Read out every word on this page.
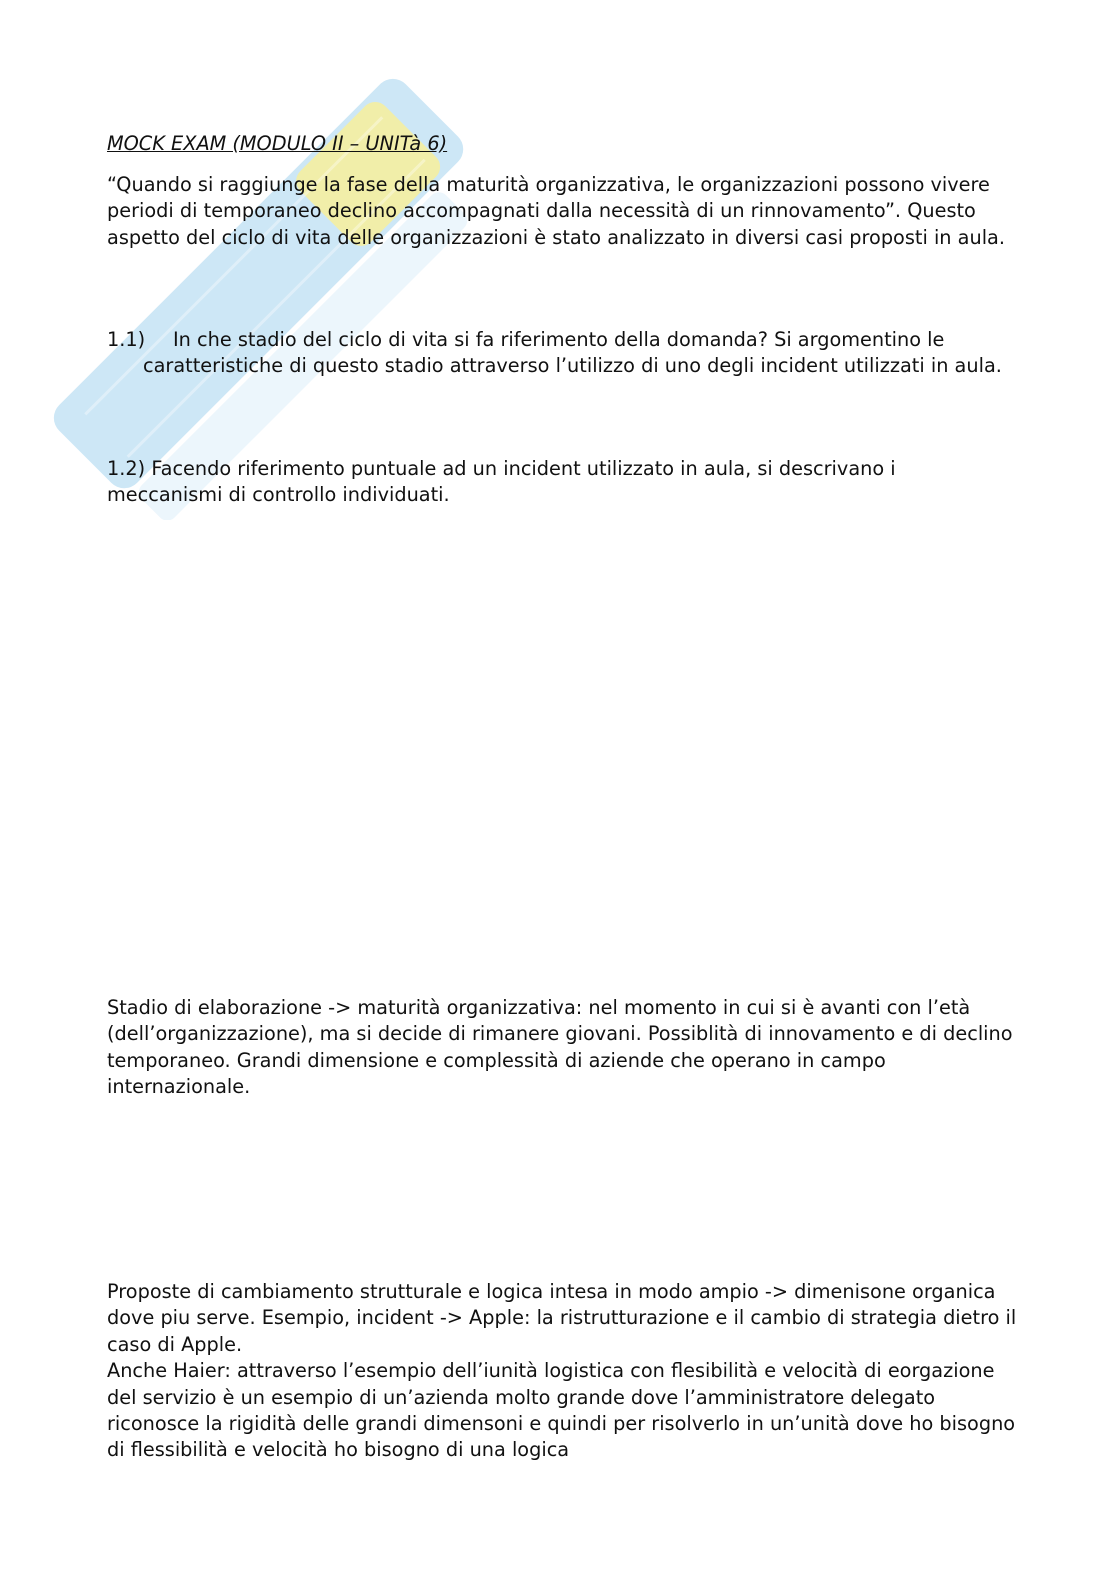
MOCK EXAM (MODULO II – UNITà 6)

“Quando si raggiunge la fase della maturità organizzativa, le organizzazioni possono vivere periodi di temporaneo declino accompagnati dalla necessità di un rinnovamento”. Questo aspetto del ciclo di vita delle organizzazioni è stato analizzato in diversi casi proposti in aula.

1.1)	In che stadio del ciclo di vita si fa riferimento della domanda? Si argomentino le caratteristiche di questo stadio attraverso l’utilizzo di uno degli incident utilizzati in aula.

1.2) Facendo riferimento puntuale ad un incident utilizzato in aula, si descrivano i meccanismi di controllo individuati.

Stadio di elaborazione -> maturità organizzativa: nel momento in cui si è avanti con l’età (dell’organizzazione), ma si decide di rimanere giovani. Possiblità di innovamento e di declino temporaneo. Grandi dimensione e complessità di aziende che operano in campo internazionale.

Proposte di cambiamento strutturale e logica intesa in modo ampio -> dimenisone organica dove piu serve. Esempio, incident -> Apple: la ristrutturazione e il cambio di strategia dietro il caso di Apple.

Anche Haier: attraverso l’esempio dell’iunità logistica con flesibilità e velocità di eorgazione del servizio è un esempio di un’azienda molto grande dove l’amministratore delegato riconosce la rigidità delle grandi dimensoni e quindi per risolverlo in un’unità dove ho bisogno di flessibilità e velocità ho bisogno di una logica
